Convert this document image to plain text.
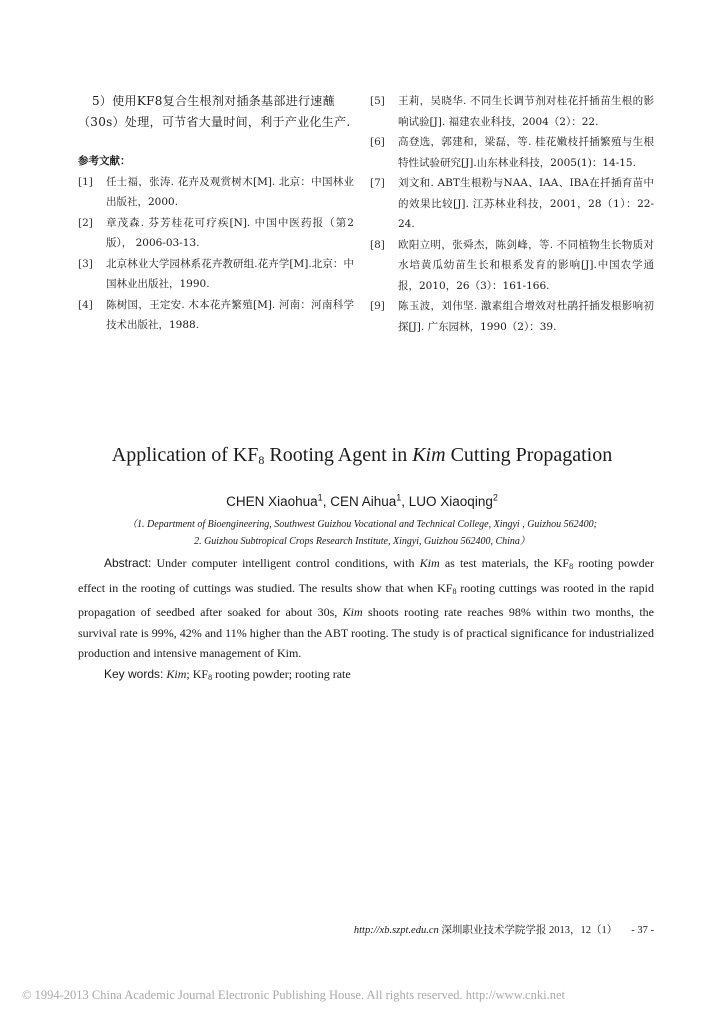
5）使用KF8复合生根剂对插条基部进行速蘸（30s）处理，可节省大量时间，利于产业化生产.

参考文献：

[1]	任士福，张涛. 花卉及观赏树木[M]. 北京：中国林业出版社，2000.
[2]	章茂森. 芬芳桂花可疗疾[N]. 中国中医药报（第2版）， 2006-03-13.
[3]	北京林业大学园林系花卉教研组.花卉学[M].北京：中国林业出版社，1990.
[4]	陈树国，王定安. 木本花卉繁殖[M]. 河南：河南科学技术出版社，1988.
[5]	王莉，吴晓华. 不同生长调节剂对桂花扦插苗生根的影响试验[J]. 福建农业科技，2004（2）：22.
[6]	高登选，郭建和，梁磊，等. 桂花嫩枝扦插繁殖与生根特性试验研究[J].山东林业科技，2005(1)：14-15.
[7]	刘文和. ABT生根粉与NAA、IAA、IBA在扦插育苗中的效果比较[J]. 江苏林业科技，2001，28（1）：22-24.
[8]	欧阳立明，张舜杰，陈剑峰，等. 不同植物生长物质对水培黄瓜幼苗生长和根系发育的影响[J].中国农学通报，2010，26（3）：161-166.
[9]	陈玉波，刘伟坚. 激素组合增效对杜鹃扦插发根影响初探[J]. 广东园林，1990（2）：39.
Application of $KF_8$ Rooting Agent in Kim Cutting Propagation
CHEN Xiaohua$^1$, CEN Aihua$^1$, LUO Xiaoqing$^2$
（1. Department of Bioengineering, Southwest Guizhou Vocational and Technical College, Xingyi , Guizhou 562400;
2. Guizhou Subtropical Crops Research Institute, Xingyi, Guizhou 562400, China）

Abstract: Under computer intelligent control conditions, with Kim as test materials, the $KF_8$ rooting powder effect in the rooting of cuttings was studied. The results show that when $KF_8$ rooting cuttings was rooted in the rapid propagation of seedbed after soaked for about 30s, Kim shoots rooting rate reaches 98% within two months, the survival rate is 99%, 42% and 11% higher than the ABT rooting. The study is of practical significance for industrialized production and intensive management of Kim.

Key words: Kim; $KF_8$ rooting powder; rooting rate

http://xb.szpt.edu.cn 深圳职业技术学院学报 2013，12（1） - 37 -
© 1994-2013 China Academic Journal Electronic Publishing House. All rights reserved. http://www.cnki.net
